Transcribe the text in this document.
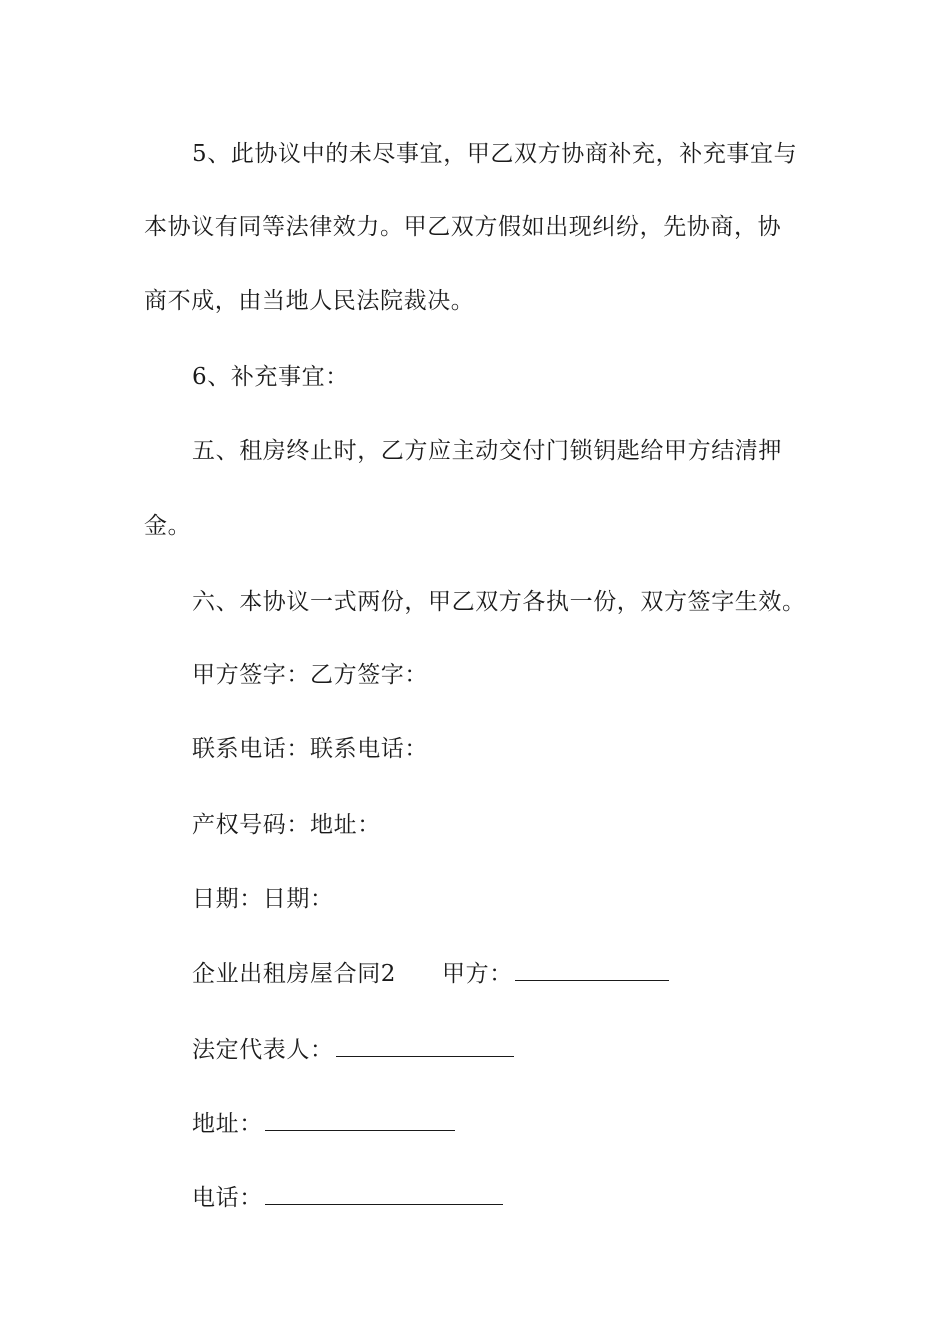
5、此协议中的未尽事宜，甲乙双方协商补充，补充事宜与
本协议有同等法律效力。甲乙双方假如出现纠纷，先协商，协
商不成，由当地人民法院裁决。
6、补充事宜：
五、租房终止时，乙方应主动交付门锁钥匙给甲方结清押
金。
六、本协议一式两份，甲乙双方各执一份，双方签字生效。
甲方签字：乙方签字：
联系电话：联系电话：
产权号码：地址：
日期：日期：
企业出租房屋合同2 甲方：
法定代表人：
地址：
电话：
